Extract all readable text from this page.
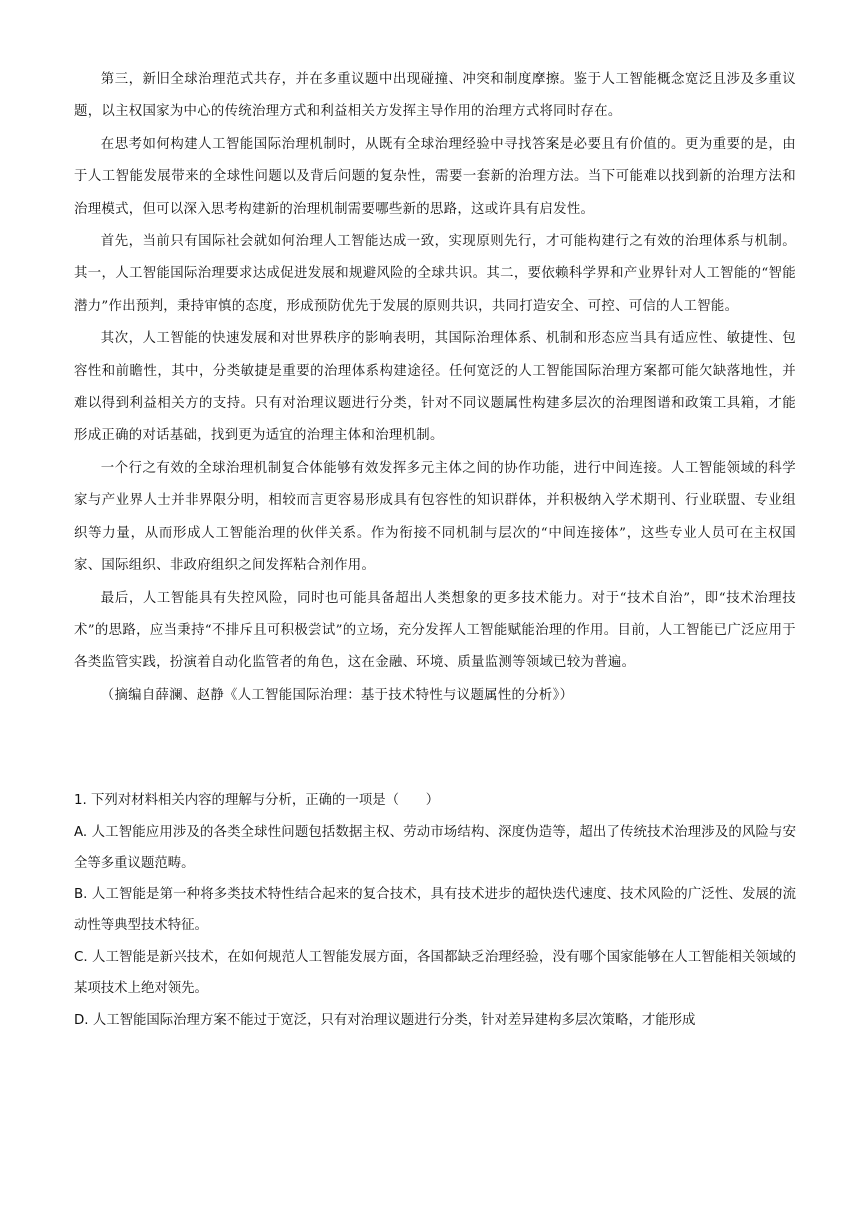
第三，新旧全球治理范式共存，并在多重议题中出现碰撞、冲突和制度摩擦。鉴于人工智能概念宽泛且涉及多重议题，以主权国家为中心的传统治理方式和利益相关方发挥主导作用的治理方式将同时存在。

在思考如何构建人工智能国际治理机制时，从既有全球治理经验中寻找答案是必要且有价值的。更为重要的是，由于人工智能发展带来的全球性问题以及背后问题的复杂性，需要一套新的治理方法。当下可能难以找到新的治理方法和治理模式，但可以深入思考构建新的治理机制需要哪些新的思路，这或许具有启发性。

首先，当前只有国际社会就如何治理人工智能达成一致，实现原则先行，才可能构建行之有效的治理体系与机制。其一，人工智能国际治理要求达成促进发展和规避风险的全球共识。其二，要依赖科学界和产业界针对人工智能的“智能潜力”作出预判，秉持审慎的态度，形成预防优先于发展的原则共识，共同打造安全、可控、可信的人工智能。

其次，人工智能的快速发展和对世界秩序的影响表明，其国际治理体系、机制和形态应当具有适应性、敏捷性、包容性和前瞻性，其中，分类敏捷是重要的治理体系构建途径。任何宽泛的人工智能国际治理方案都可能欠缺落地性，并难以得到利益相关方的支持。只有对治理议题进行分类，针对不同议题属性构建多层次的治理图谱和政策工具箱，才能形成正确的对话基础，找到更为适宜的治理主体和治理机制。

一个行之有效的全球治理机制复合体能够有效发挥多元主体之间的协作功能，进行中间连接。人工智能领域的科学家与产业界人士并非界限分明，相较而言更容易形成具有包容性的知识群体，并积极纳入学术期刊、行业联盟、专业组织等力量，从而形成人工智能治理的伙伴关系。作为衔接不同机制与层次的“中间连接体”，这些专业人员可在主权国家、国际组织、非政府组织之间发挥粘合剂作用。

最后，人工智能具有失控风险，同时也可能具备超出人类想象的更多技术能力。对于“技术自治”，即“技术治理技术”的思路，应当秉持“不排斥且可积极尝试”的立场，充分发挥人工智能赋能治理的作用。目前，人工智能已广泛应用于各类监管实践，扮演着自动化监管者的角色，这在金融、环境、质量监测等领域已较为普遍。

（摘编自薛澜、赵静《人工智能国际治理：基于技术特性与议题属性的分析》）

1. 下列对材料相关内容的理解与分析，正确的一项是（　　）

A. 人工智能应用涉及的各类全球性问题包括数据主权、劳动市场结构、深度伪造等，超出了传统技术治理涉及的风险与安全等多重议题范畴。

B. 人工智能是第一种将多类技术特性结合起来的复合技术，具有技术进步的超快迭代速度、技术风险的广泛性、发展的流动性等典型技术特征。

C. 人工智能是新兴技术，在如何规范人工智能发展方面，各国都缺乏治理经验，没有哪个国家能够在人工智能相关领域的某项技术上绝对领先。

D. 人工智能国际治理方案不能过于宽泛，只有对治理议题进行分类，针对差异建构多层次策略，才能形成
